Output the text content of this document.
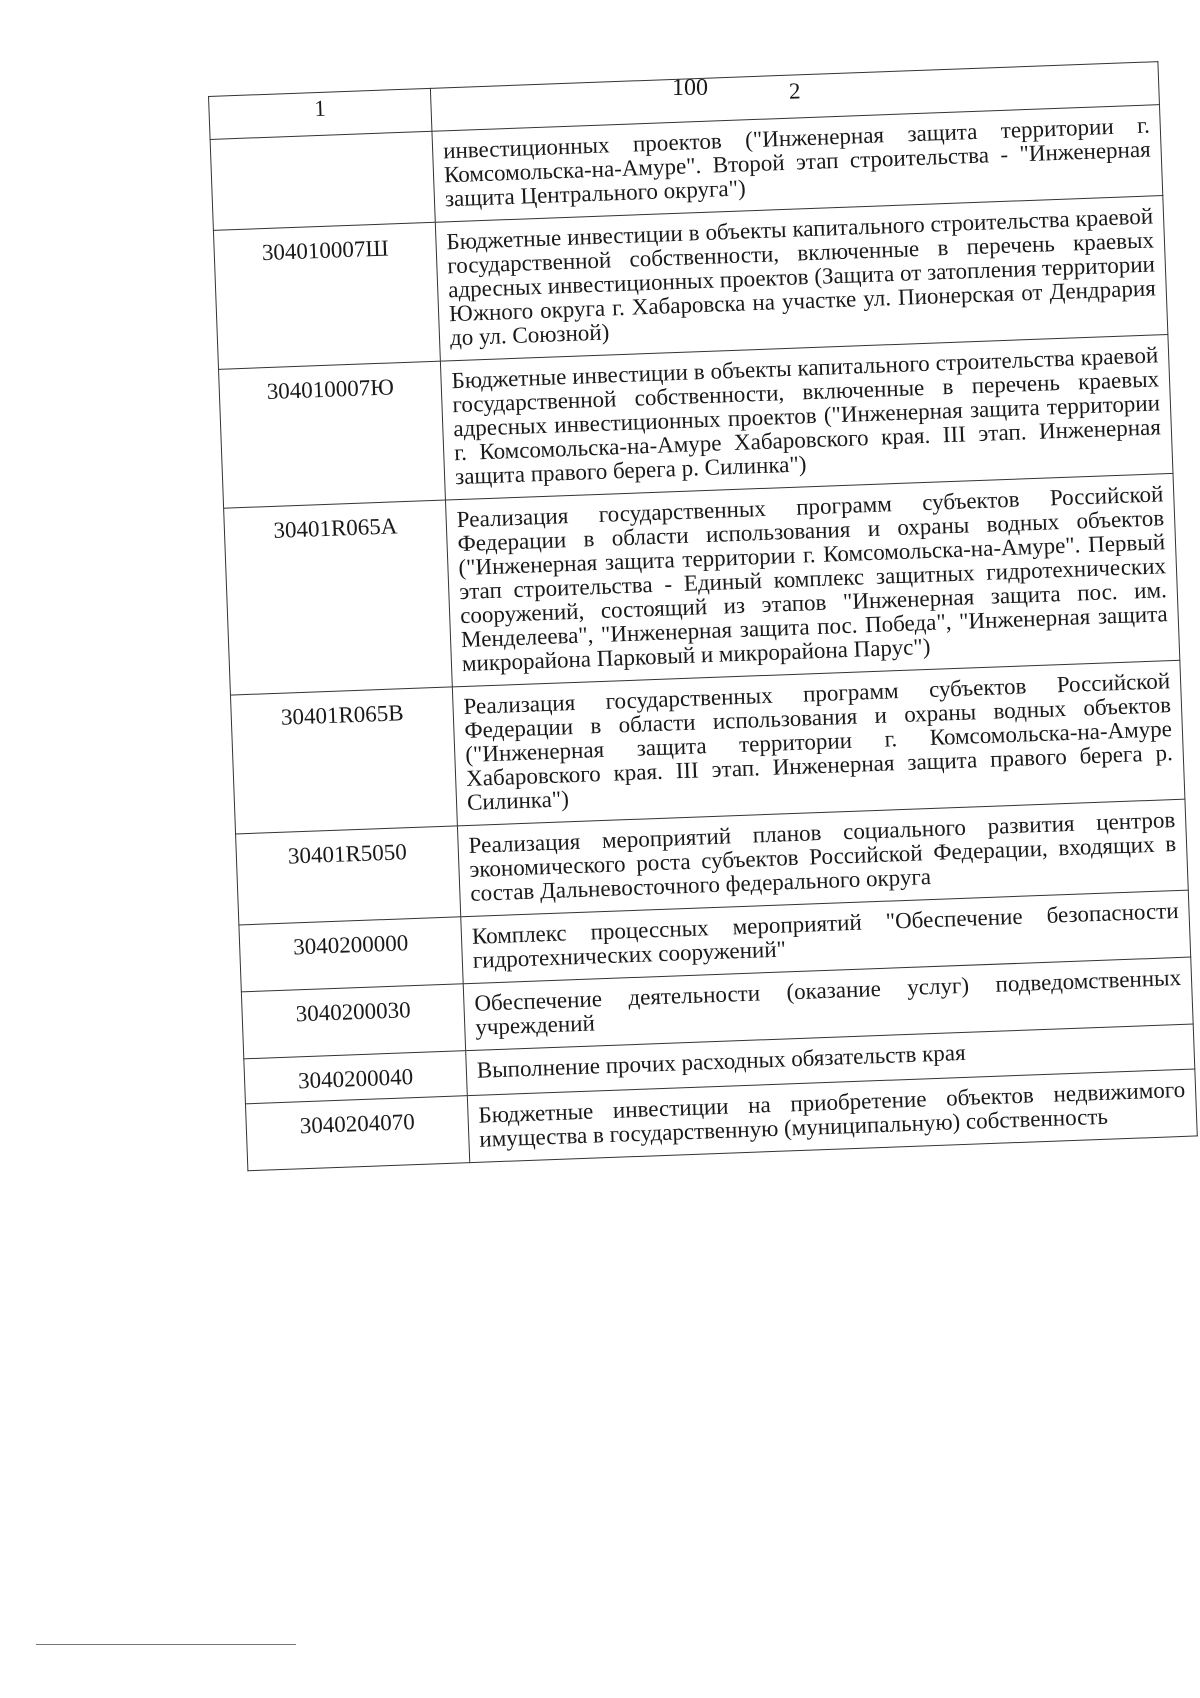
100
1	2
	инвестиционных проектов ("Инженерная защита территории г. Комсомольска-на-Амуре". Второй этап строительства - "Инженерная защита Центрального округа")
304010007Ш	Бюджетные инвестиции в объекты капитального строительства краевой государственной собственности, включенные в перечень краевых адресных инвестиционных проектов (Защита от затопления территории Южного округа г. Хабаровска на участке ул. Пионерская от Дендрария до ул. Союзной)
304010007Ю	Бюджетные инвестиции в объекты капитального строительства краевой государственной собственности, включенные в перечень краевых адресных инвестиционных проектов ("Инженерная защита территории г. Комсомольска-на-Амуре Хабаровского края. III этап. Инженерная защита правого берега р. Силинка")
30401R065A	Реализация государственных программ субъектов Российской Федерации в области использования и охраны водных объектов ("Инженерная защита территории г. Комсомольска-на-Амуре". Первый этап строительства - Единый комплекс защитных гидротехнических сооружений, состоящий из этапов "Инженерная защита пос. им. Менделеева", "Инженерная защита пос. Победа", "Инженерная защита микрорайона Парковый и микрорайона Парус")
30401R065B	Реализация государственных программ субъектов Российской Федерации в области использования и охраны водных объектов ("Инженерная защита территории г. Комсомольска-на-Амуре Хабаровского края. III этап. Инженерная защита правого берега р. Силинка")
30401R5050	Реализация мероприятий планов социального развития центров экономического роста субъектов Российской Федерации, входящих в состав Дальневосточного федерального округа
3040200000	Комплекс процессных мероприятий "Обеспечение безопасности гидротехнических сооружений"
3040200030	Обеспечение деятельности (оказание услуг) подведомственных учреждений
3040200040	Выполнение прочих расходных обязательств края
3040204070	Бюджетные инвестиции на приобретение объектов недвижимого имущества в государственную (муниципальную) собственность
